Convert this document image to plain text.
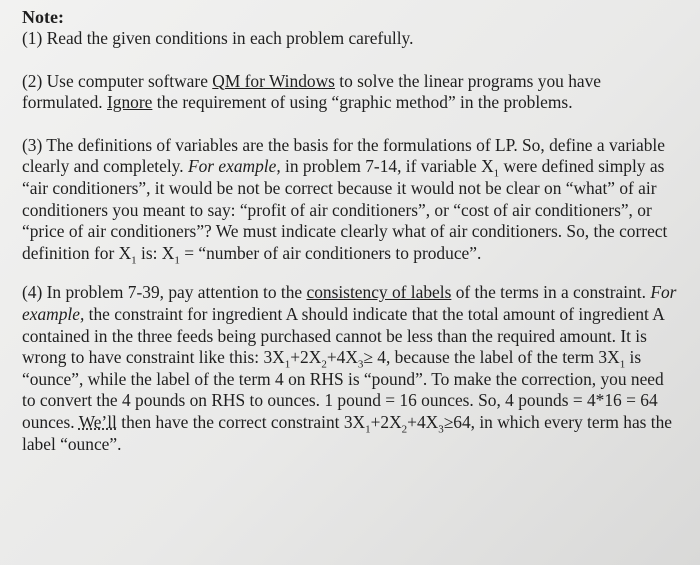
Note:

(1) Read the given conditions in each problem carefully.

(2) Use computer software QM for Windows to solve the linear programs you have formulated. Ignore the requirement of using “graphic method” in the problems.

(3) The definitions of variables are the basis for the formulations of LP. So, define a variable clearly and completely. For example, in problem 7-14, if variable $X_1$ were defined simply as “air conditioners”, it would be not be correct because it would not be clear on “what” of air conditioners you meant to say: “profit of air conditioners”, or “cost of air conditioners”, or “price of air conditioners”? We must indicate clearly what of air conditioners. So, the correct definition for $X_1$ is: $X_1$ = “number of air conditioners to produce”.

(4) In problem 7-39, pay attention to the consistency of labels of the terms in a constraint. For example, the constraint for ingredient A should indicate that the total amount of ingredient A contained in the three feeds being purchased cannot be less than the required amount. It is wrong to have constraint like this: $3X_1+2X_2+4X_3\ge 4$, because the label of the term $3X_1$ is “ounce”, while the label of the term 4 on RHS is “pound”. To make the correction, you need to convert the 4 pounds on RHS to ounces. 1 pound = 16 ounces. So, 4 pounds = 4*16 = 64 ounces. We’ll then have the correct constraint $3X_1+2X_2+4X_3\ge 64$, in which every term has the label “ounce”.
